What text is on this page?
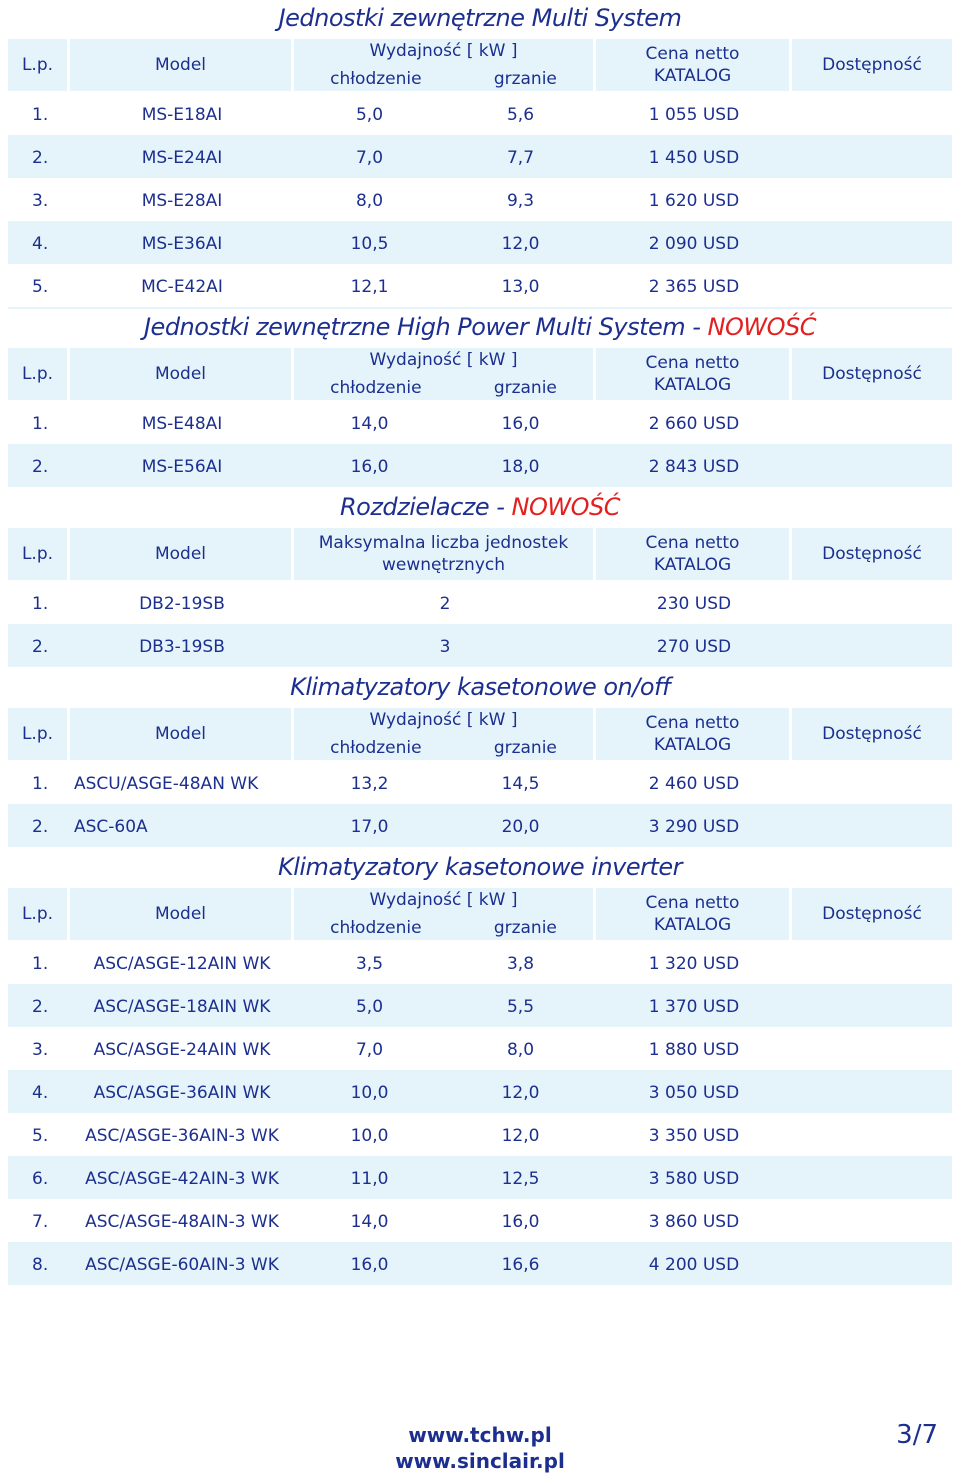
Jednostki zewnętrzne Multi System
L.p.	Model
Wydajność [ kW ]
chłodzenie	grzanie
Cena netto
KATALOG
Dostępność
1.	MS-E18AI	5,0	5,6	1 055 USD
2.	MS-E24AI	7,0	7,7	1 450 USD
3.	MS-E28AI	8,0	9,3	1 620 USD
4.	MS-E36AI	10,5	12,0	2 090 USD
5.	MC-E42AI	12,1	13,0	2 365 USD
Jednostki zewnętrzne High Power Multi System - NOWOŚĆ
L.p.	Model
Wydajność [ kW ]
chłodzenie	grzanie
Cena netto
KATALOG
Dostępność
1.	MS-E48AI	14,0	16,0	2 660 USD
2.	MS-E56AI	16,0	18,0	2 843 USD
Rozdzielacze - NOWOŚĆ
L.p.	Model
Maksymalna liczba jednostek
wewnętrznych
Cena netto
KATALOG
Dostępność
1.	DB2-19SB	2	230 USD
2.	DB3-19SB	3	270 USD
Klimatyzatory kasetonowe on/off
L.p.	Model
Wydajność [ kW ]
chłodzenie	grzanie
Cena netto
KATALOG
Dostępność
1.	ASCU/ASGE-48AN WK	13,2	14,5	2 460 USD
2.	ASC-60A	17,0	20,0	3 290 USD
Klimatyzatory kasetonowe inverter
L.p.	Model
Wydajność [ kW ]
chłodzenie	grzanie
Cena netto
KATALOG
Dostępność
1.	ASC/ASGE-12AIN WK	3,5	3,8	1 320 USD
2.	ASC/ASGE-18AIN WK	5,0	5,5	1 370 USD
3.	ASC/ASGE-24AIN WK	7,0	8,0	1 880 USD
4.	ASC/ASGE-36AIN WK	10,0	12,0	3 050 USD
5.	ASC/ASGE-36AIN-3 WK	10,0	12,0	3 350 USD
6.	ASC/ASGE-42AIN-3 WK	11,0	12,5	3 580 USD
7.	ASC/ASGE-48AIN-3 WK	14,0	16,0	3 860 USD
8.	ASC/ASGE-60AIN-3 WK	16,0	16,6	4 200 USD
www.tchw.pl
www.sinclair.pl
3/7
